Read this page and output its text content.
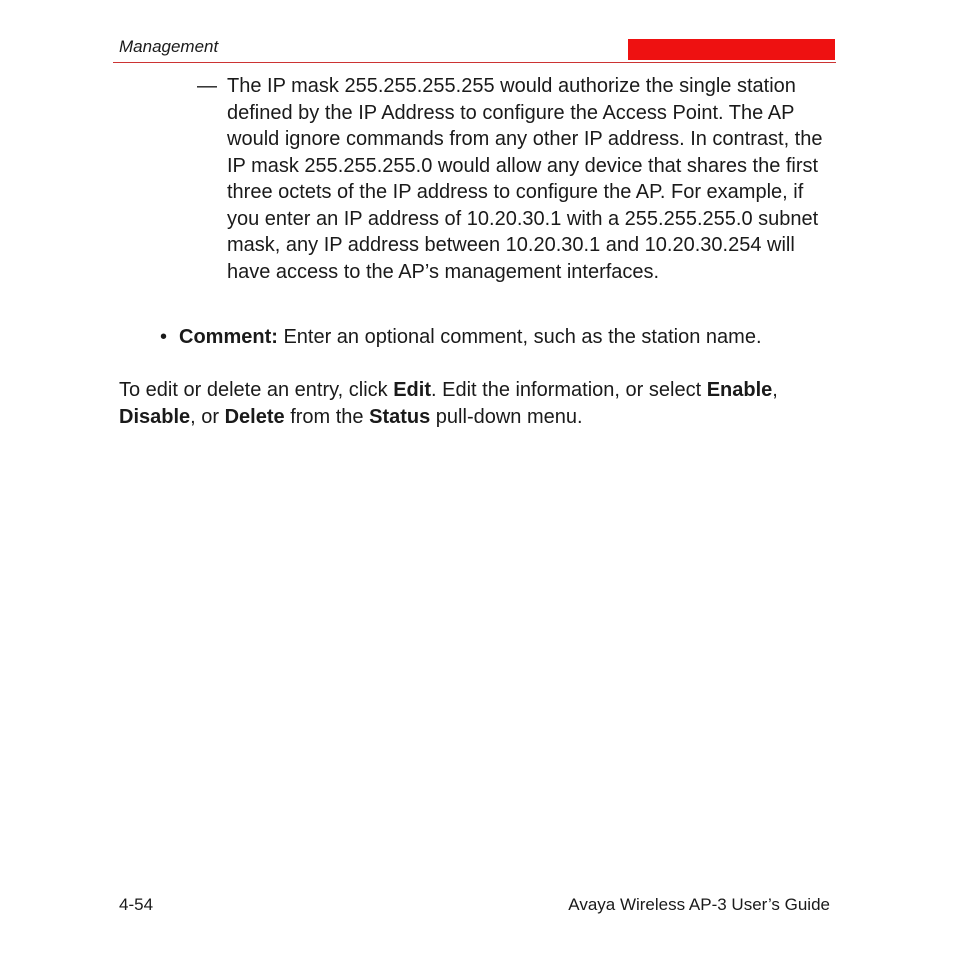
Management
— The IP mask 255.255.255.255 would authorize the single station defined by the IP Address to configure the Access Point. The AP would ignore commands from any other IP address. In contrast, the IP mask 255.255.255.0 would allow any device that shares the first three octets of the IP address to configure the AP. For example, if you enter an IP address of 10.20.30.1 with a 255.255.255.0 subnet mask, any IP address between 10.20.30.1 and 10.20.30.254 will have access to the AP’s management interfaces.
• Comment: Enter an optional comment, such as the station name.
To edit or delete an entry, click Edit. Edit the information, or select Enable, Disable, or Delete from the Status pull-down menu.
4-54	Avaya Wireless AP-3 User’s Guide
